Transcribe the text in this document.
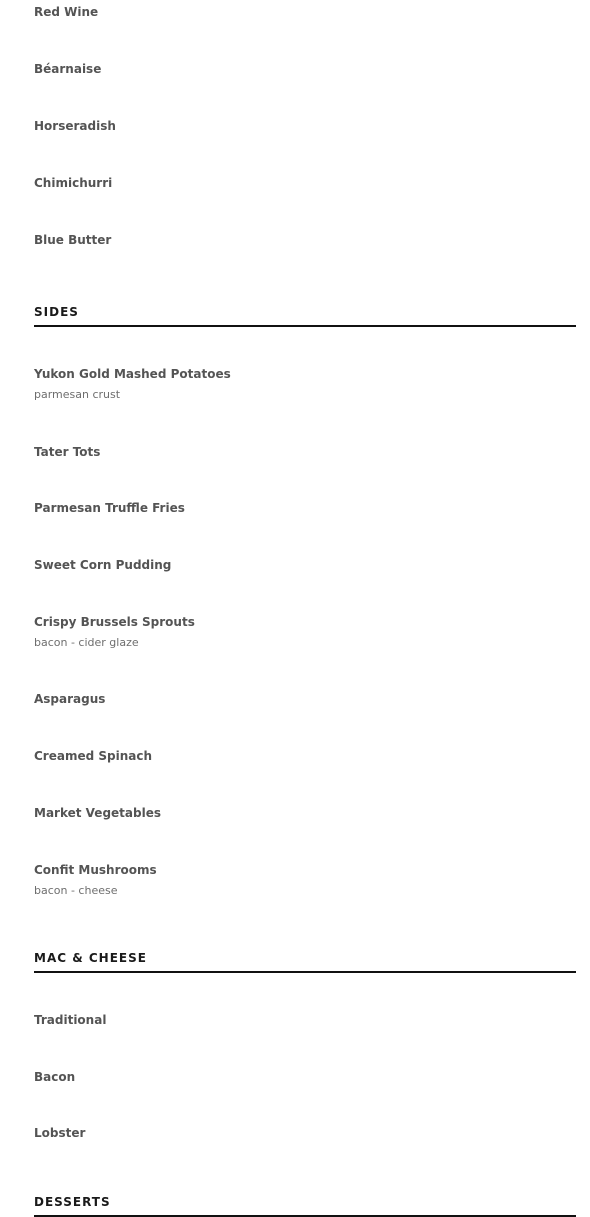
Red Wine
Béarnaise
Horseradish
Chimichurri
Blue Butter
SIDES
Yukon Gold Mashed Potatoes
parmesan crust
Tater Tots
Parmesan Truffle Fries
Sweet Corn Pudding
Crispy Brussels Sprouts
bacon - cider glaze
Asparagus
Creamed Spinach
Market Vegetables
Confit Mushrooms
bacon - cheese
MAC & CHEESE
Traditional
Bacon
Lobster
DESSERTS
